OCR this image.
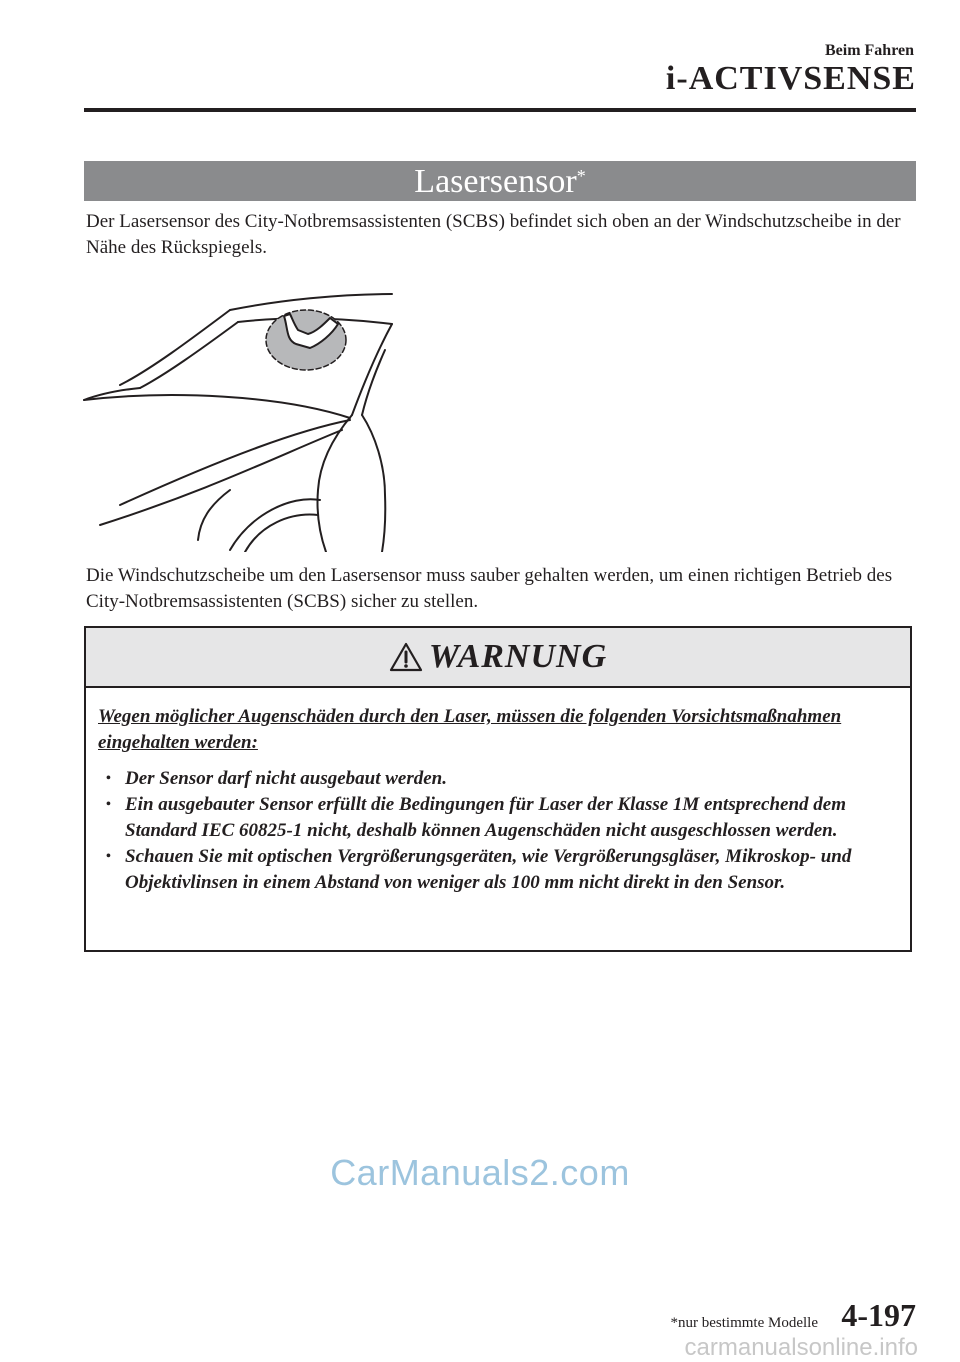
Beim Fahren
i-ACTIVSENSE
Lasersensor*
Der Lasersensor des City-Notbremsassistenten (SCBS) befindet sich oben an der Windschutzscheibe in der Nähe des Rückspiegels.
Die Windschutzscheibe um den Lasersensor muss sauber gehalten werden, um einen richtigen Betrieb des City-Notbremsassistenten (SCBS) sicher zu stellen.
WARNUNG
Wegen möglicher Augenschäden durch den Laser, müssen die folgenden Vorsichtsmaßnahmen eingehalten werden:
• Der Sensor darf nicht ausgebaut werden.
• Ein ausgebauter Sensor erfüllt die Bedingungen für Laser der Klasse 1M entsprechend dem Standard IEC 60825-1 nicht, deshalb können Augenschäden nicht ausgeschlossen werden.
• Schauen Sie mit optischen Vergrößerungsgeräten, wie Vergrößerungsgläser, Mikroskop- und Objektivlinsen in einem Abstand von weniger als 100 mm nicht direkt in den Sensor.
CarManuals2.com
*nur bestimmte Modelle 4-197
carmanualsonline.info
